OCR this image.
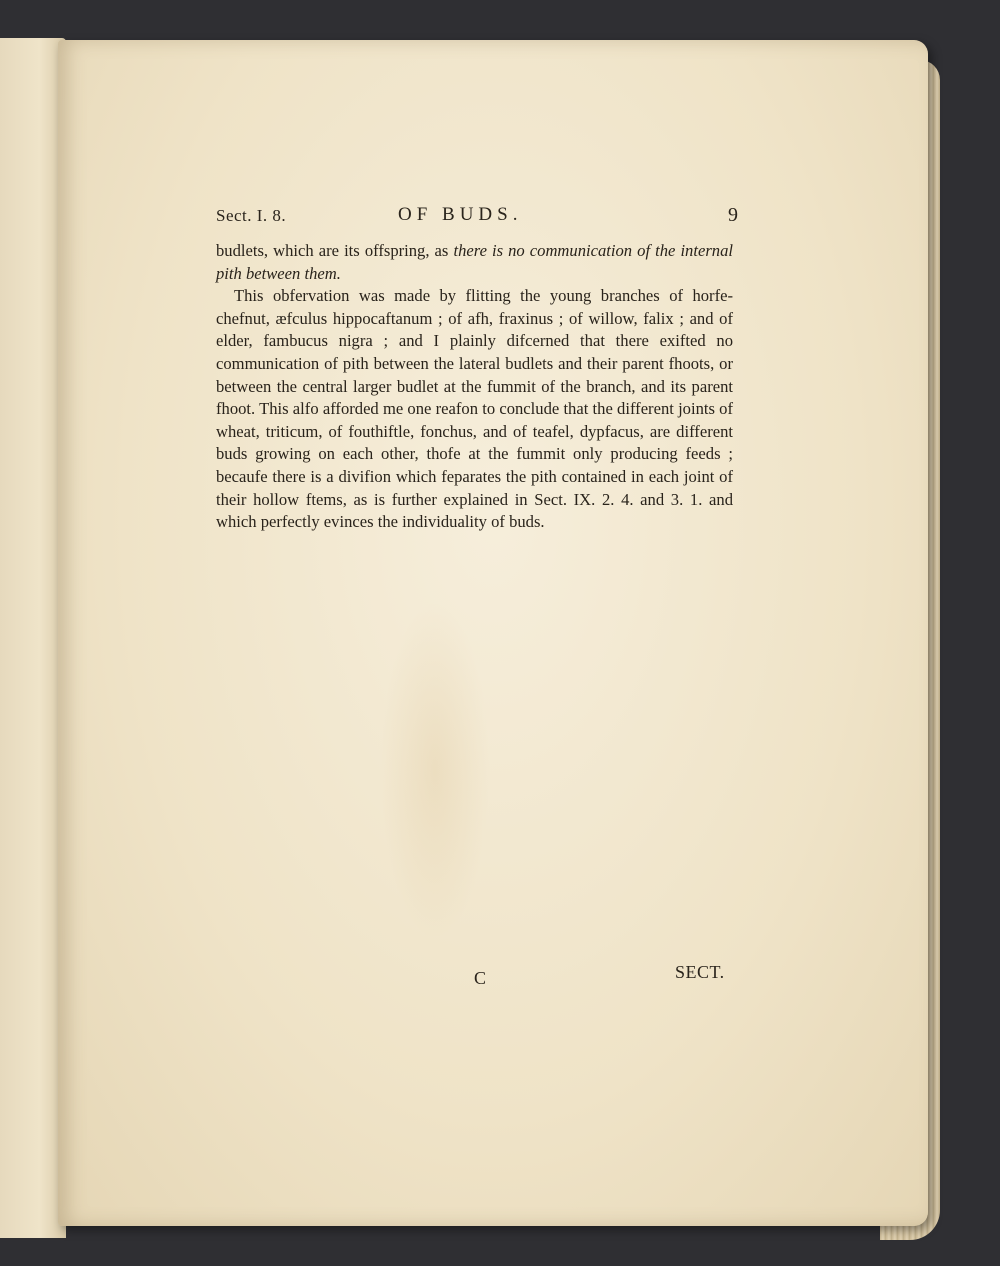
Sect. I. 8.	OF BUDS.	9

budlets, which are its offspring, as there is no communication of the internal pith between them.

This obfervation was made by flitting the young branches of horfe-chefnut, æfculus hippocaftanum ; of afh, fraxinus ; of willow, falix ; and of elder, fambucus nigra ; and I plainly difcerned that there exifted no communication of pith between the lateral budlets and their parent fhoots, or between the central larger budlet at the fummit of the branch, and its parent fhoot. This alfo afforded me one reafon to conclude that the different joints of wheat, triticum, of fouthiftle, fonchus, and of teafel, dypfacus, are different buds growing on each other, thofe at the fummit only producing feeds ; becaufe there is a divifion which feparates the pith contained in each joint of their hollow ftems, as is further explained in Sect. IX. 2. 4. and 3. 1. and which perfectly evinces the individuality of buds.

C	SECT.
